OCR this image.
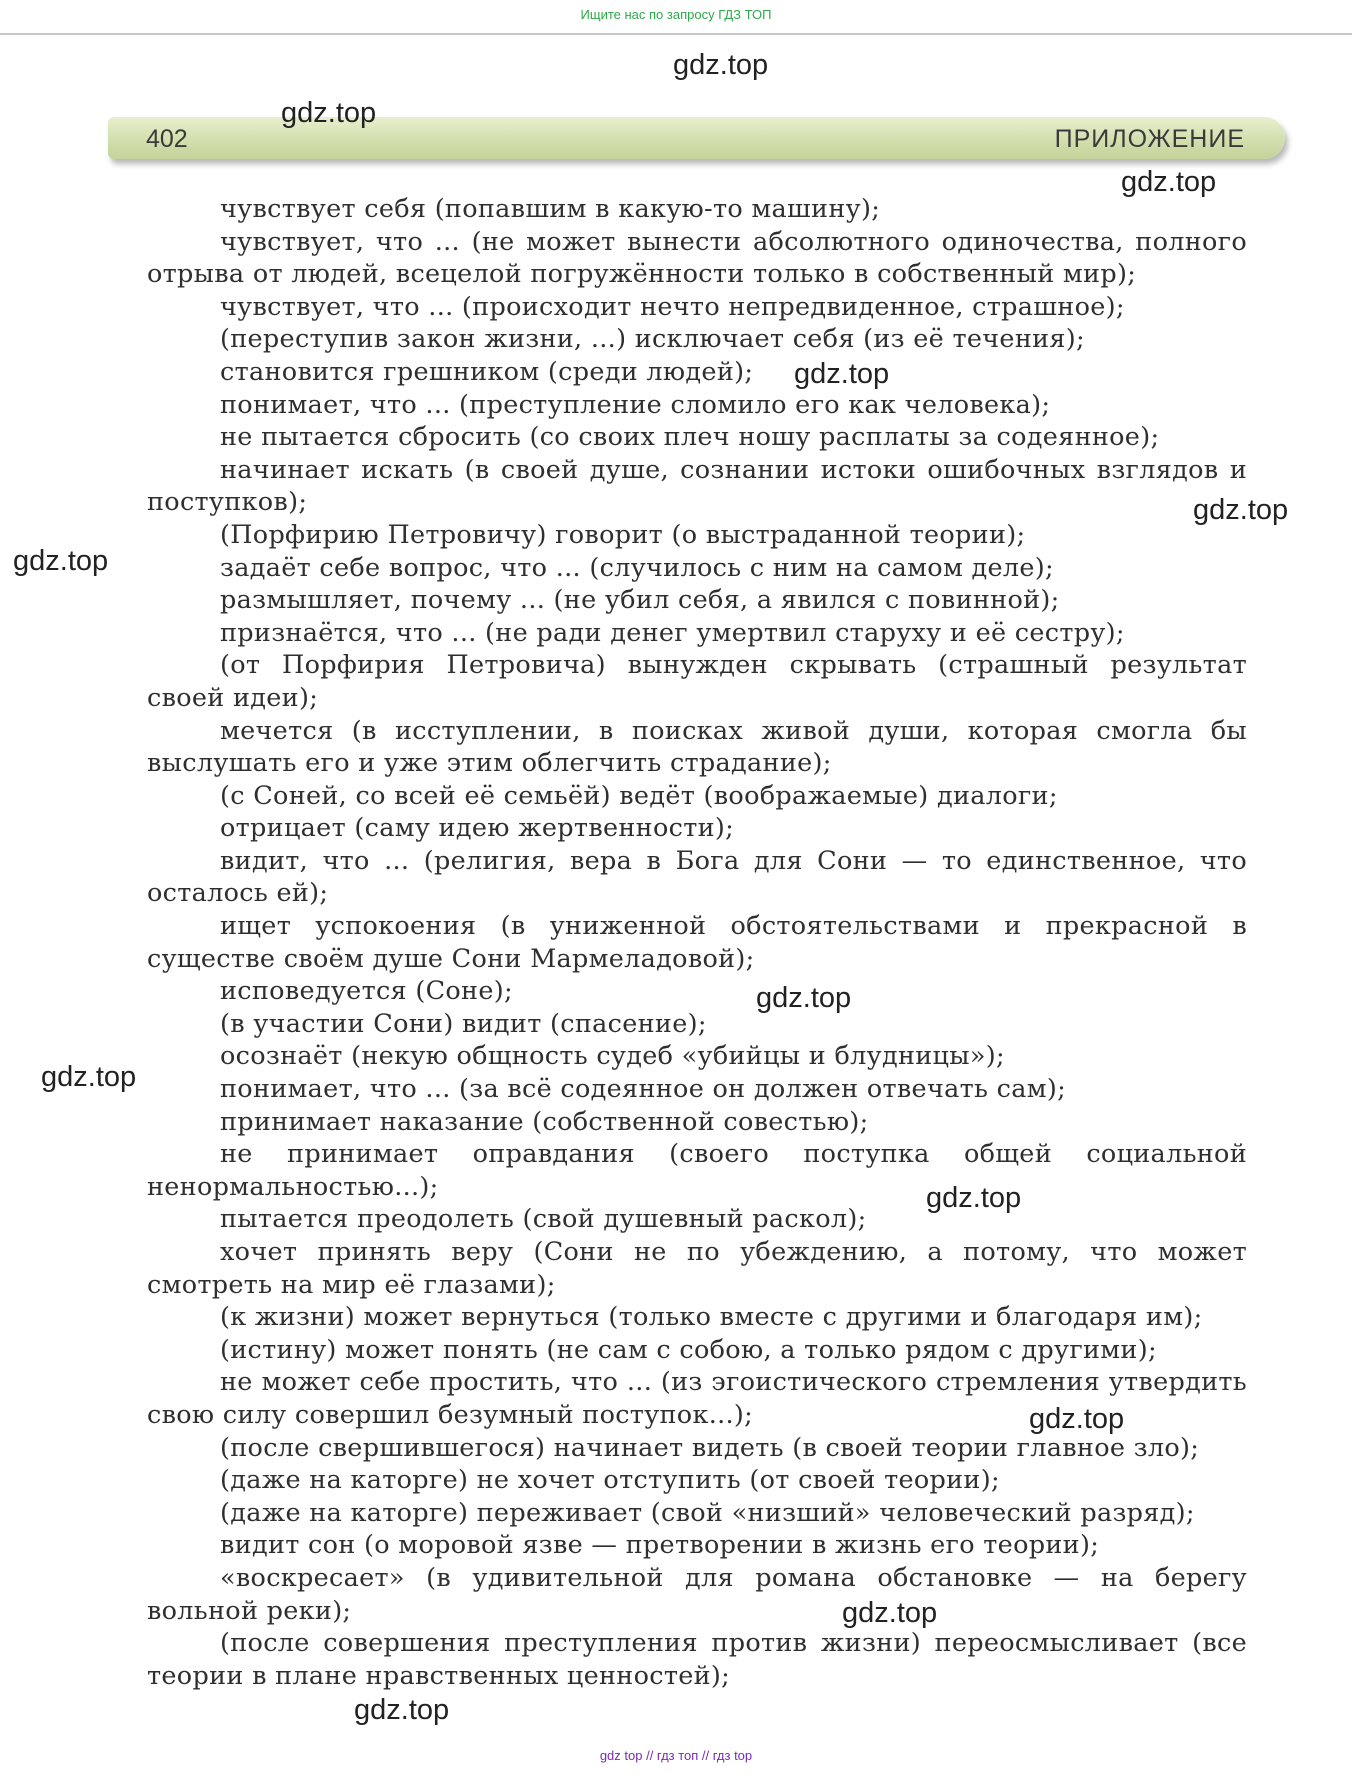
Ищите нас по запросу ГДЗ ТОП
402	ПРИЛОЖЕНИЕ

чувствует себя (попавшим в какую-то машину);

чувствует, что ... (не может вынести абсолютного одиночества, полного отрыва от людей, всецелой погружённости только в собственный мир);

чувствует, что ... (происходит нечто непредвиденное, страшное);

(переступив закон жизни, ...) исключает себя (из её течения);

становится грешником (среди людей);

понимает, что ... (преступление сломило его как человека);

не пытается сбросить (со своих плеч ношу расплаты за содеянное);

начинает искать (в своей душе, сознании истоки ошибочных взглядов и поступков);

(Порфирию Петровичу) говорит (о выстраданной теории);

задаёт себе вопрос, что ... (случилось с ним на самом деле);

размышляет, почему ... (не убил себя, а явился с повинной);

признаётся, что ... (не ради денег умертвил старуху и её сестру);

(от Порфирия Петровича) вынужден скрывать (страшный результат своей идеи);

мечется (в исступлении, в поисках живой души, которая смогла бы выслушать его и уже этим облегчить страдание);

(с Соней, со всей её семьёй) ведёт (воображаемые) диалоги;

отрицает (саму идею жертвенности);

видит, что ... (религия, вера в Бога для Сони — то единственное, что осталось ей);

ищет успокоения (в униженной обстоятельствами и прекрасной в существе своём душе Сони Мармеладовой);

исповедуется (Соне);

(в участии Сони) видит (спасение);

осознаёт (некую общность судеб «убийцы и блудницы»);

понимает, что ... (за всё содеянное он должен отвечать сам);

принимает наказание (собственной совестью);

не принимает оправдания (своего поступка общей социальной ненормальностью...);

пытается преодолеть (свой душевный раскол);

хочет принять веру (Сони не по убеждению, а потому, что может смотреть на мир её глазами);

(к жизни) может вернуться (только вместе с другими и благодаря им);

(истину) может понять (не сам с собою, а только рядом с другими);

не может себе простить, что ... (из эгоистического стремления утвердить свою силу совершил безумный поступок...);

(после свершившегося) начинает видеть (в своей теории главное зло);

(даже на каторге) не хочет отступить (от своей теории);

(даже на каторге) переживает (свой «низший» человеческий разряд);

видит сон (о моровой язве — претворении в жизнь его теории);

«воскресает» (в удивительной для романа обстановке — на берегу вольной реки);

(после совершения преступления против жизни) переосмысливает (все теории в плане нравственных ценностей);

gdz.top
gdz.top
gdz.top
gdz.top
gdz.top
gdz.top
gdz.top
gdz.top
gdz.top
gdz.top
gdz.top
gdz.top
gdz top // гдз топ // гдз top
